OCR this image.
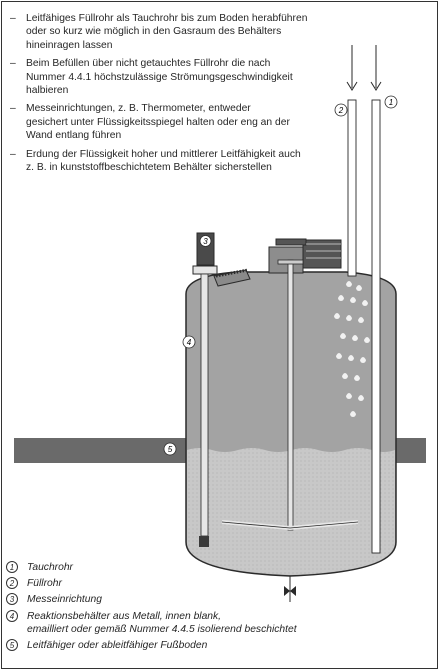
– Leitfähiges Füllrohr als Tauchrohr bis zum Boden herabführen
oder so kurz wie möglich in den Gasraum des Behälters
hineinragen lassen
– Beim Befüllen über nicht getauchtes Füllrohr die nach
Nummer 4.4.1 höchstzulässige Strömungsgeschwindigkeit
halbieren
– Messeinrichtungen, z. B. Thermometer, entweder
gesichert unter Flüssigkeitsspiegel halten oder eng an der
Wand entlang führen
– Erdung der Flüssigkeit hoher und mittlerer Leitfähigkeit auch
z. B. in kunststoffbeschichtetem Behälter sicherstellen
3
2
1
4
5
1	Tauchrohr
2	Füllrohr
3	Messeinrichtung
4	Reaktionsbehälter aus Metall, innen blank,
emailliert oder gemäß Nummer 4.4.5 isolierend beschichtet
5	Leitfähiger oder ableitfähiger Fußboden
